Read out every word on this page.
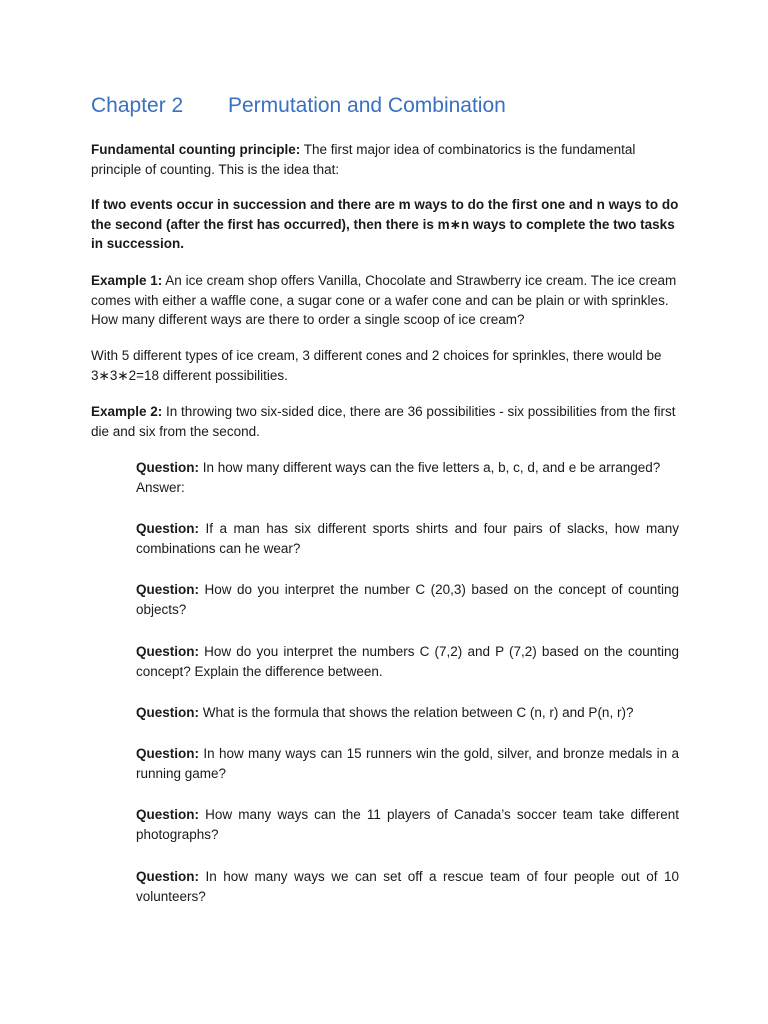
Chapter 2 Permutation and Combination

Fundamental counting principle: The first major idea of combinatorics is the fundamental principle of counting. This is the idea that:

If two events occur in succession and there are m ways to do the first one and n ways to do the second (after the first has occurred), then there is m∗n ways to complete the two tasks in succession.

Example 1: An ice cream shop offers Vanilla, Chocolate and Strawberry ice cream. The ice cream comes with either a waffle cone, a sugar cone or a wafer cone and can be plain or with sprinkles. How many different ways are there to order a single scoop of ice cream?

With 5 different types of ice cream, 3 different cones and 2 choices for sprinkles, there would be 3∗3∗2=18 different possibilities.

Example 2: In throwing two six-sided dice, there are 36 possibilities - six possibilities from the first die and six from the second.

Question: In how many different ways can the five letters a, b, c, d, and e be arranged?
Answer:

Question: If a man has six different sports shirts and four pairs of slacks, how many combinations can he wear?

Question: How do you interpret the number C (20,3) based on the concept of counting objects?

Question: How do you interpret the numbers C (7,2) and P (7,2) based on the counting concept? Explain the difference between.

Question: What is the formula that shows the relation between C (n, r) and P(n, r)?

Question: In how many ways can 15 runners win the gold, silver, and bronze medals in a running game?

Question: How many ways can the 11 players of Canada’s soccer team take different photographs?

Question: In how many ways we can set off a rescue team of four people out of 10 volunteers?
